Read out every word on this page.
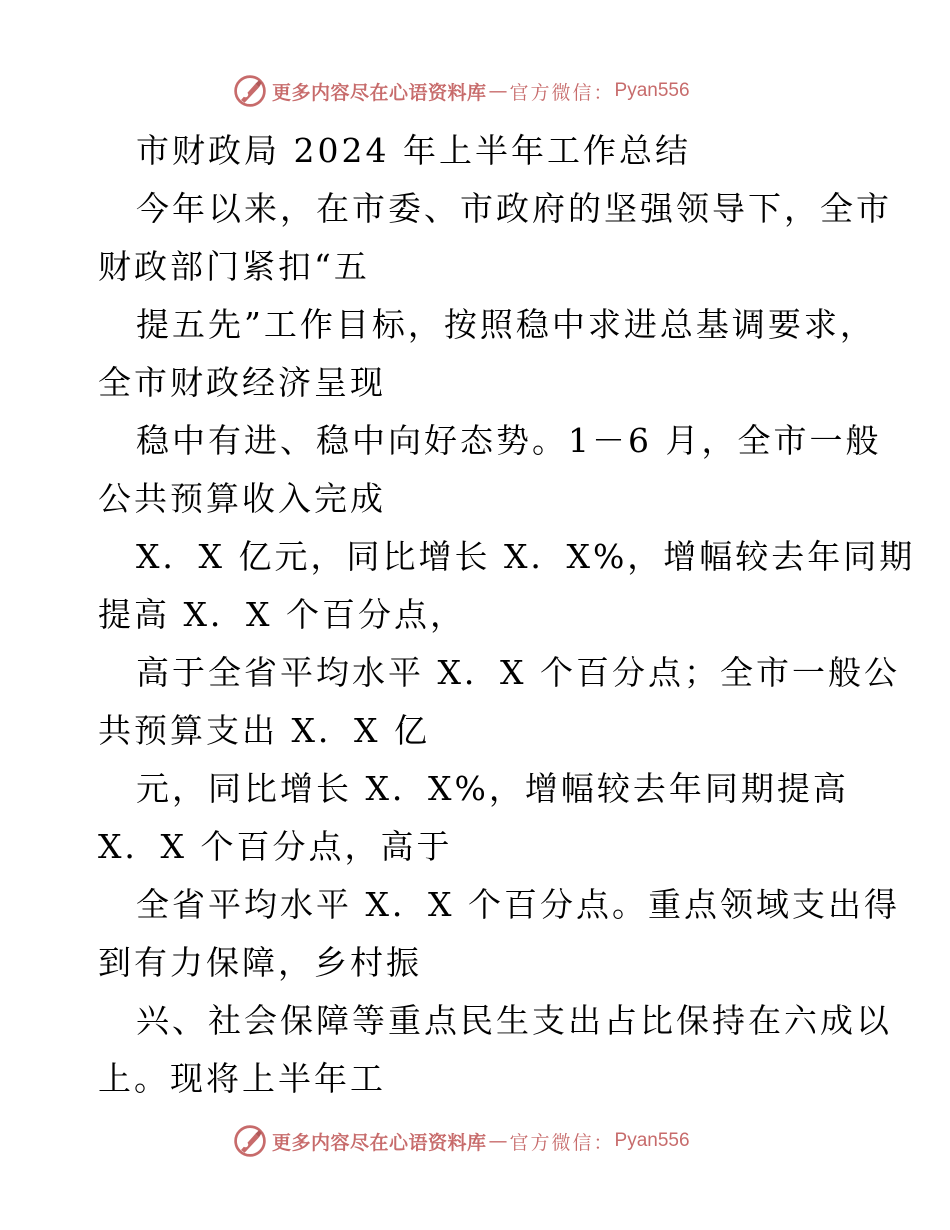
更多内容尽在心语资料库 — 官方微信： Pyan556
市财政局 2024 年上半年工作总结
今年以来，在市委、市政府的坚强领导下，全市
财政部门紧扣“五
提五先”工作目标，按照稳中求进总基调要求，
全市财政经济呈现
稳中有进、稳中向好态势。1－6 月，全市一般
公共预算收入完成
X．X 亿元，同比增长 X．X%，增幅较去年同期
提高 X．X 个百分点，
高于全省平均水平 X．X 个百分点；全市一般公
共预算支出 X．X 亿
元，同比增长 X．X%，增幅较去年同期提高
X．X 个百分点，高于
全省平均水平 X．X 个百分点。重点领域支出得
到有力保障，乡村振
兴、社会保障等重点民生支出占比保持在六成以
上。现将上半年工
更多内容尽在心语资料库 — 官方微信： Pyan556
